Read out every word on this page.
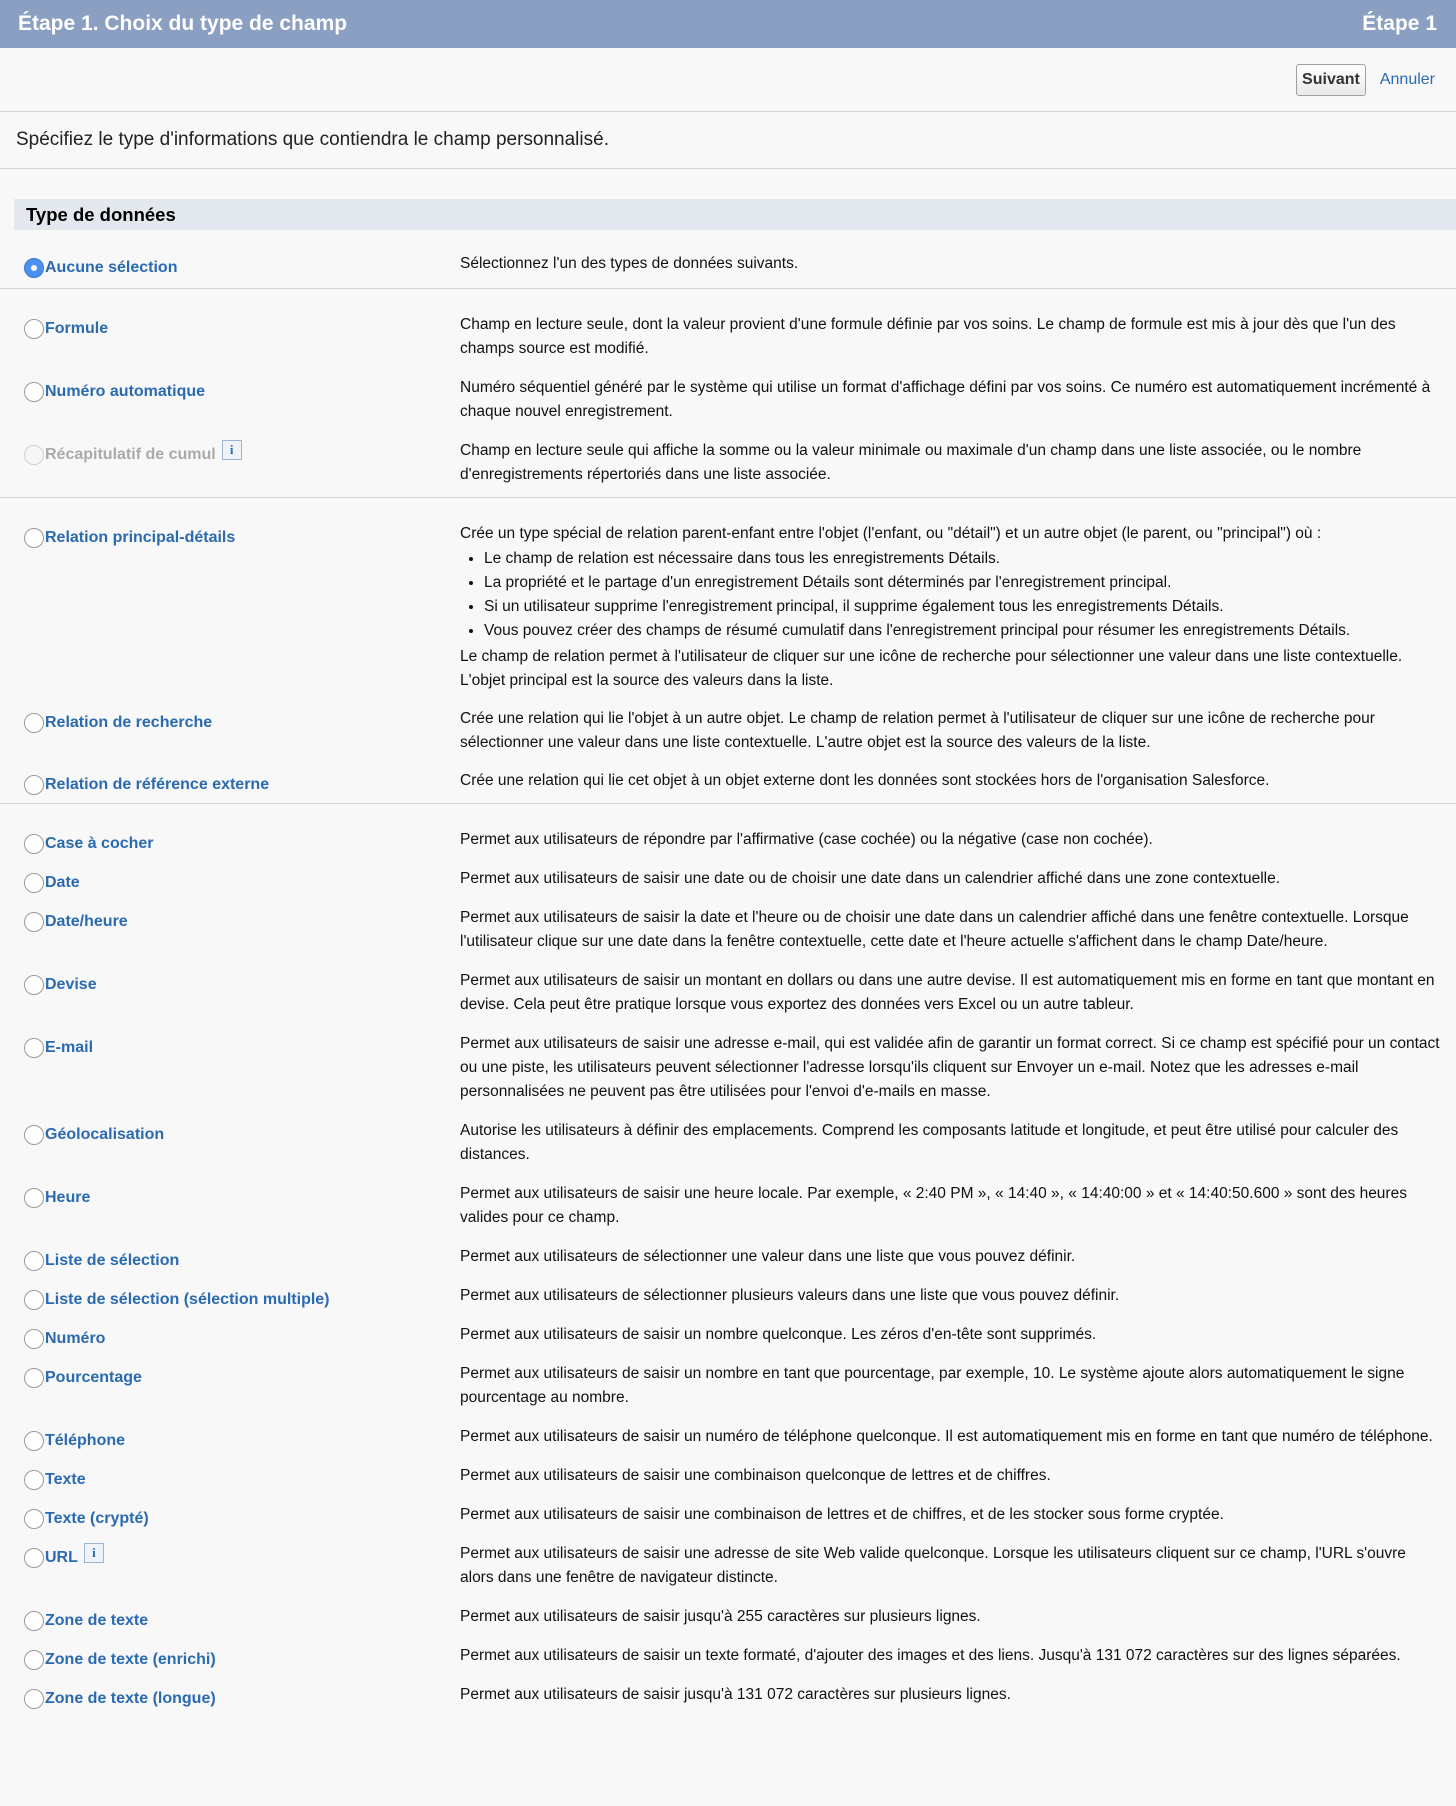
Étape 1. Choix du type de champ	Étape 1
Suivant	Annuler
Spécifiez le type d'informations que contiendra le champ personnalisé.
Type de données
Aucune sélection	Sélectionnez l'un des types de données suivants.
Formule	Champ en lecture seule, dont la valeur provient d'une formule définie par vos soins. Le champ de formule est mis à jour dès que l'un des champs source est modifié.
Numéro automatique	Numéro séquentiel généré par le système qui utilise un format d'affichage défini par vos soins. Ce numéro est automatiquement incrémenté à chaque nouvel enregistrement.
Récapitulatif de cumul	i	Champ en lecture seule qui affiche la somme ou la valeur minimale ou maximale d'un champ dans une liste associée, ou le nombre d'enregistrements répertoriés dans une liste associée.
Relation principal-détails	Crée un type spécial de relation parent-enfant entre l'objet (l'enfant, ou "détail") et un autre objet (le parent, ou "principal") où :
• Le champ de relation est nécessaire dans tous les enregistrements Détails.
• La propriété et le partage d'un enregistrement Détails sont déterminés par l'enregistrement principal.
• Si un utilisateur supprime l'enregistrement principal, il supprime également tous les enregistrements Détails.
• Vous pouvez créer des champs de résumé cumulatif dans l'enregistrement principal pour résumer les enregistrements Détails.
Le champ de relation permet à l'utilisateur de cliquer sur une icône de recherche pour sélectionner une valeur dans une liste contextuelle. L'objet principal est la source des valeurs dans la liste.
Relation de recherche	Crée une relation qui lie l'objet à un autre objet. Le champ de relation permet à l'utilisateur de cliquer sur une icône de recherche pour sélectionner une valeur dans une liste contextuelle. L'autre objet est la source des valeurs de la liste.
Relation de référence externe	Crée une relation qui lie cet objet à un objet externe dont les données sont stockées hors de l'organisation Salesforce.
Case à cocher	Permet aux utilisateurs de répondre par l'affirmative (case cochée) ou la négative (case non cochée).
Date	Permet aux utilisateurs de saisir une date ou de choisir une date dans un calendrier affiché dans une zone contextuelle.
Date/heure	Permet aux utilisateurs de saisir la date et l'heure ou de choisir une date dans un calendrier affiché dans une fenêtre contextuelle. Lorsque l'utilisateur clique sur une date dans la fenêtre contextuelle, cette date et l'heure actuelle s'affichent dans le champ Date/heure.
Devise	Permet aux utilisateurs de saisir un montant en dollars ou dans une autre devise. Il est automatiquement mis en forme en tant que montant en devise. Cela peut être pratique lorsque vous exportez des données vers Excel ou un autre tableur.
E-mail	Permet aux utilisateurs de saisir une adresse e-mail, qui est validée afin de garantir un format correct. Si ce champ est spécifié pour un contact ou une piste, les utilisateurs peuvent sélectionner l'adresse lorsqu'ils cliquent sur Envoyer un e-mail. Notez que les adresses e-mail personnalisées ne peuvent pas être utilisées pour l'envoi d'e-mails en masse.
Géolocalisation	Autorise les utilisateurs à définir des emplacements. Comprend les composants latitude et longitude, et peut être utilisé pour calculer des distances.
Heure	Permet aux utilisateurs de saisir une heure locale. Par exemple, « 2:40 PM », « 14:40 », « 14:40:00 » et « 14:40:50.600 » sont des heures valides pour ce champ.
Liste de sélection	Permet aux utilisateurs de sélectionner une valeur dans une liste que vous pouvez définir.
Liste de sélection (sélection multiple)	Permet aux utilisateurs de sélectionner plusieurs valeurs dans une liste que vous pouvez définir.
Numéro	Permet aux utilisateurs de saisir un nombre quelconque. Les zéros d'en-tête sont supprimés.
Pourcentage	Permet aux utilisateurs de saisir un nombre en tant que pourcentage, par exemple, 10. Le système ajoute alors automatiquement le signe pourcentage au nombre.
Téléphone	Permet aux utilisateurs de saisir un numéro de téléphone quelconque. Il est automatiquement mis en forme en tant que numéro de téléphone.
Texte	Permet aux utilisateurs de saisir une combinaison quelconque de lettres et de chiffres.
Texte (crypté)	Permet aux utilisateurs de saisir une combinaison de lettres et de chiffres, et de les stocker sous forme cryptée.
URL	i	Permet aux utilisateurs de saisir une adresse de site Web valide quelconque. Lorsque les utilisateurs cliquent sur ce champ, l'URL s'ouvre alors dans une fenêtre de navigateur distincte.
Zone de texte	Permet aux utilisateurs de saisir jusqu'à 255 caractères sur plusieurs lignes.
Zone de texte (enrichi)	Permet aux utilisateurs de saisir un texte formaté, d'ajouter des images et des liens. Jusqu'à 131 072 caractères sur des lignes séparées.
Zone de texte (longue)	Permet aux utilisateurs de saisir jusqu'à 131 072 caractères sur plusieurs lignes.
